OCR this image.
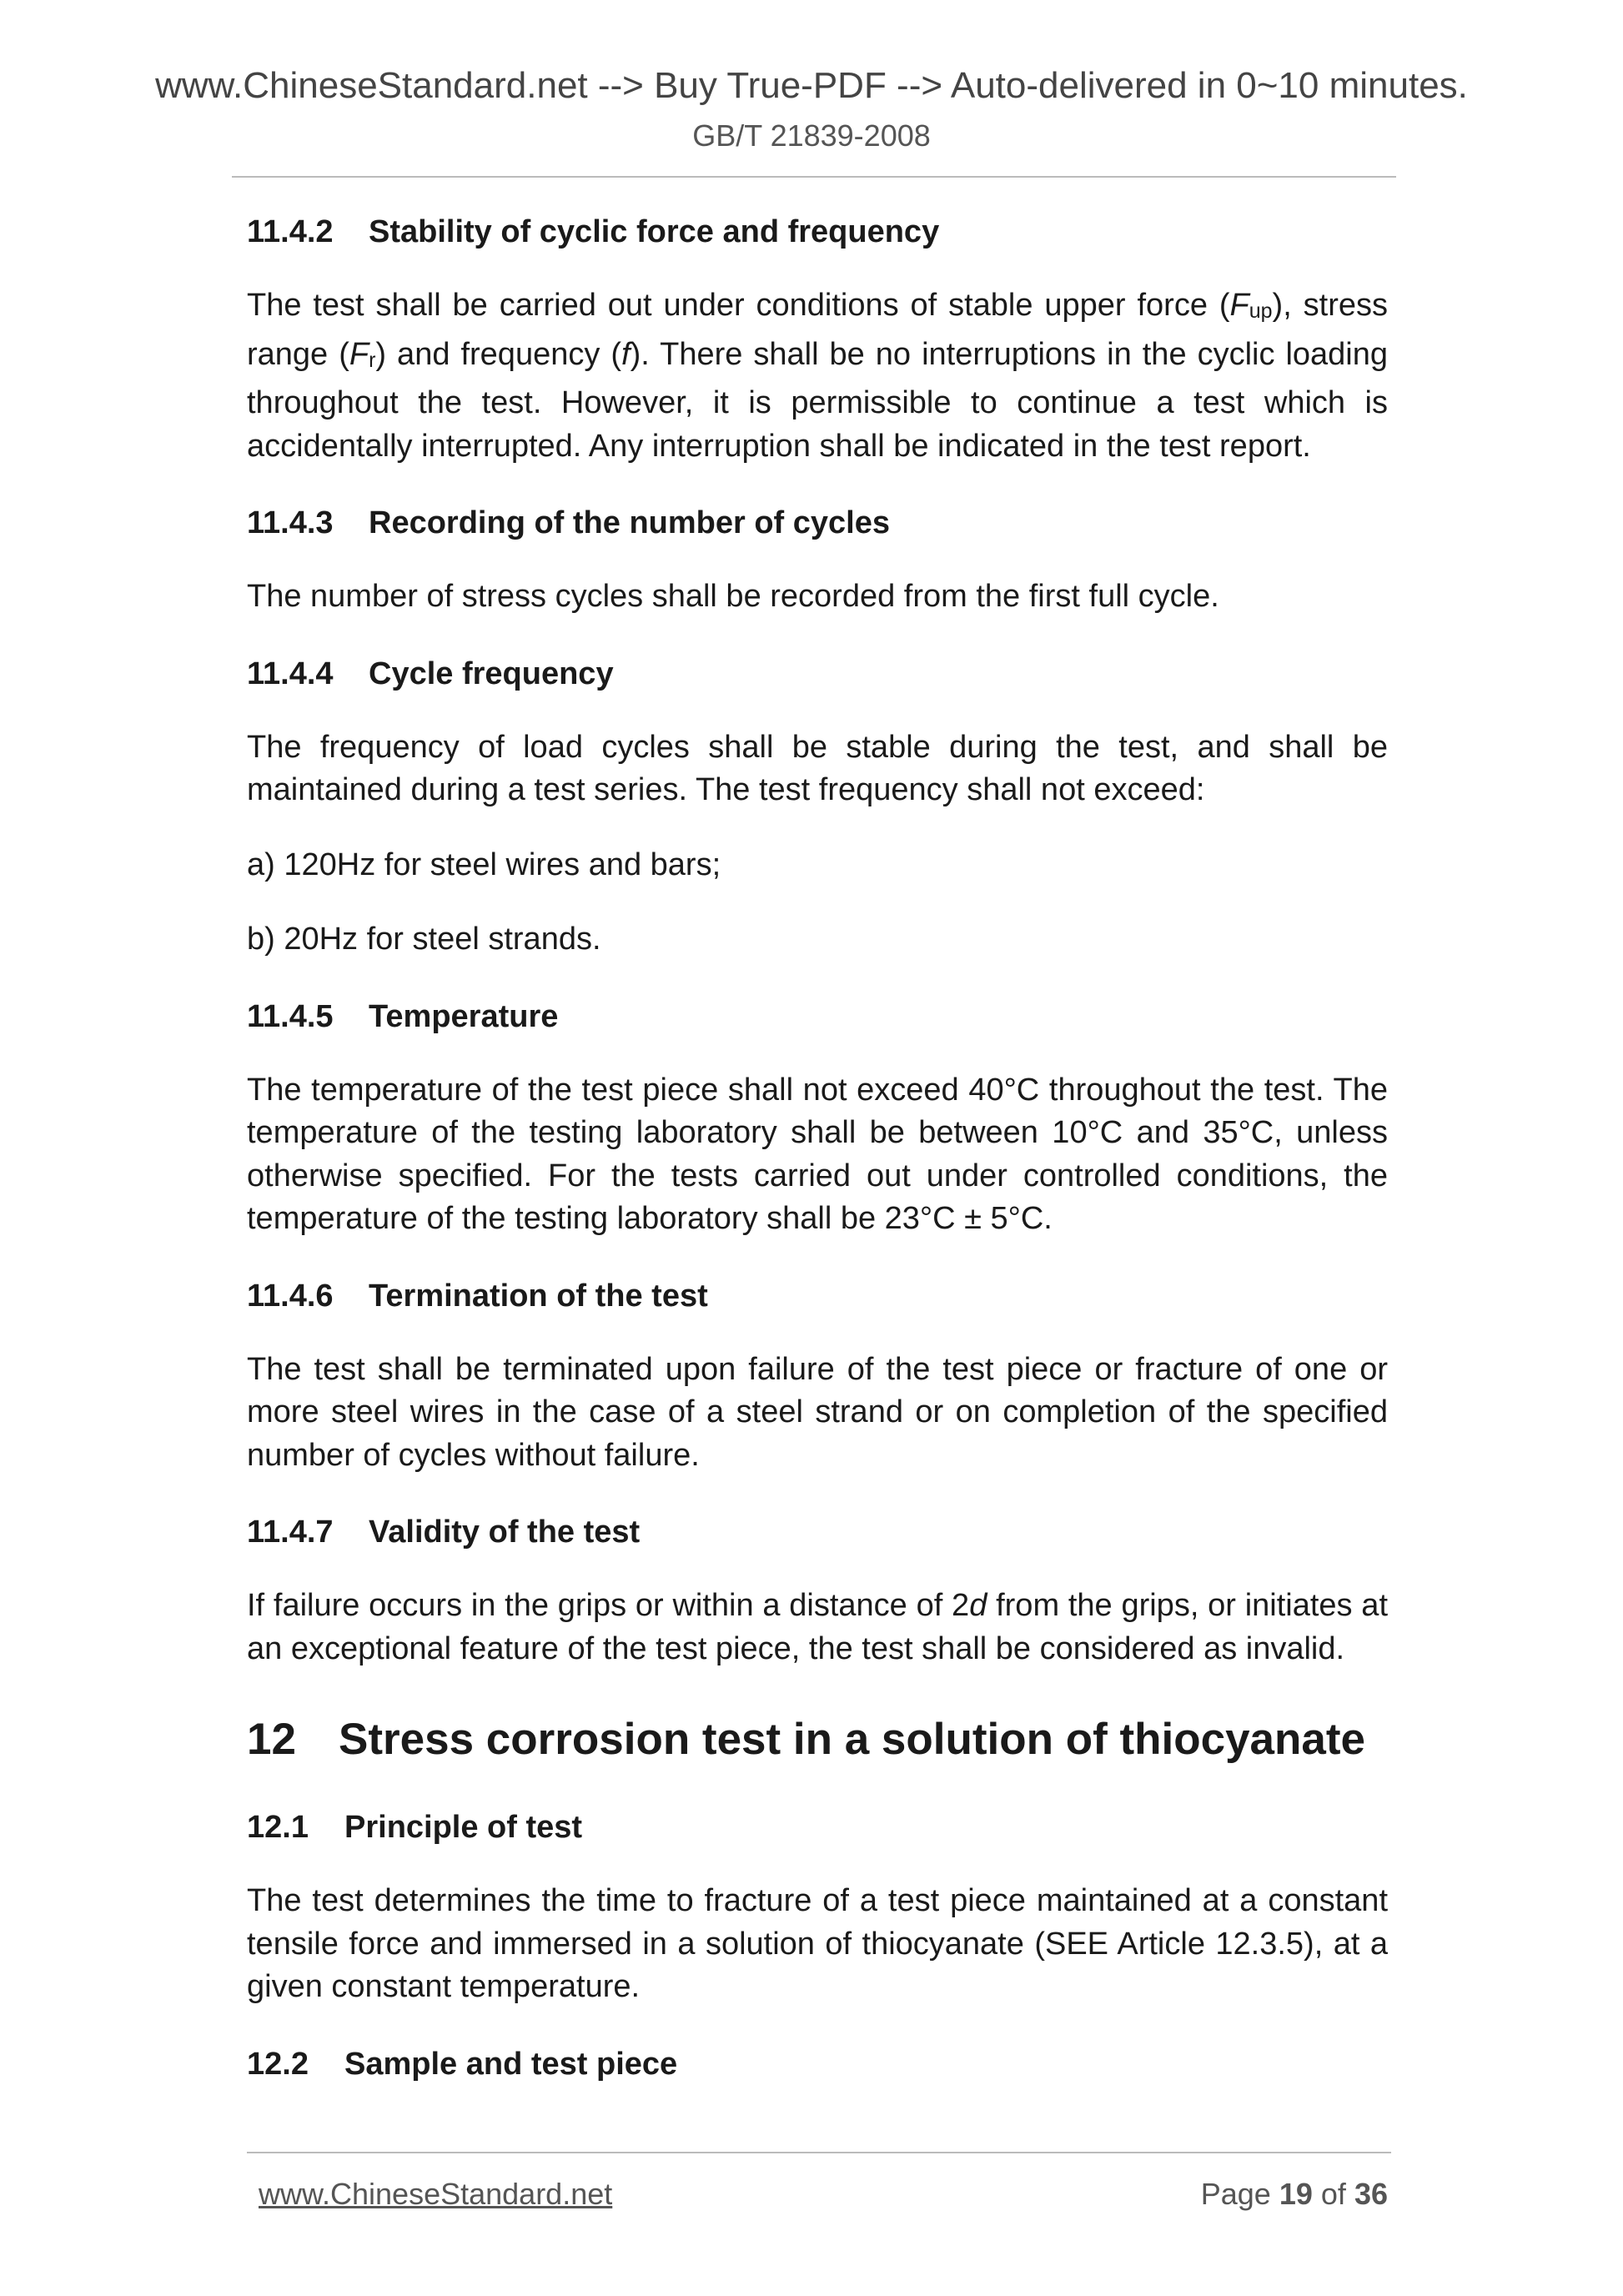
www.ChineseStandard.net --> Buy True-PDF --> Auto-delivered in 0~10 minutes.
GB/T 21839-2008
11.4.2 Stability of cyclic force and frequency

The test shall be carried out under conditions of stable upper force (Fup), stress range (Fr) and frequency (f). There shall be no interruptions in the cyclic loading throughout the test. However, it is permissible to continue a test which is accidentally interrupted. Any interruption shall be indicated in the test report.

11.4.3 Recording of the number of cycles

The number of stress cycles shall be recorded from the first full cycle.

11.4.4 Cycle frequency

The frequency of load cycles shall be stable during the test, and shall be maintained during a test series. The test frequency shall not exceed:

a) 120Hz for steel wires and bars;

b) 20Hz for steel strands.

11.4.5 Temperature

The temperature of the test piece shall not exceed 40°C throughout the test. The temperature of the testing laboratory shall be between 10°C and 35°C, unless otherwise specified. For the tests carried out under controlled conditions, the temperature of the testing laboratory shall be 23°C ± 5°C.

11.4.6 Termination of the test

The test shall be terminated upon failure of the test piece or fracture of one or more steel wires in the case of a steel strand or on completion of the specified number of cycles without failure.

11.4.7 Validity of the test

If failure occurs in the grips or within a distance of 2d from the grips, or initiates at an exceptional feature of the test piece, the test shall be considered as invalid.

12 Stress corrosion test in a solution of thiocyanate
12.1 Principle of test

The test determines the time to fracture of a test piece maintained at a constant tensile force and immersed in a solution of thiocyanate (SEE Article 12.3.5), at a given constant temperature.

12.2 Sample and test piece
www.ChineseStandard.net	Page 19 of 36
